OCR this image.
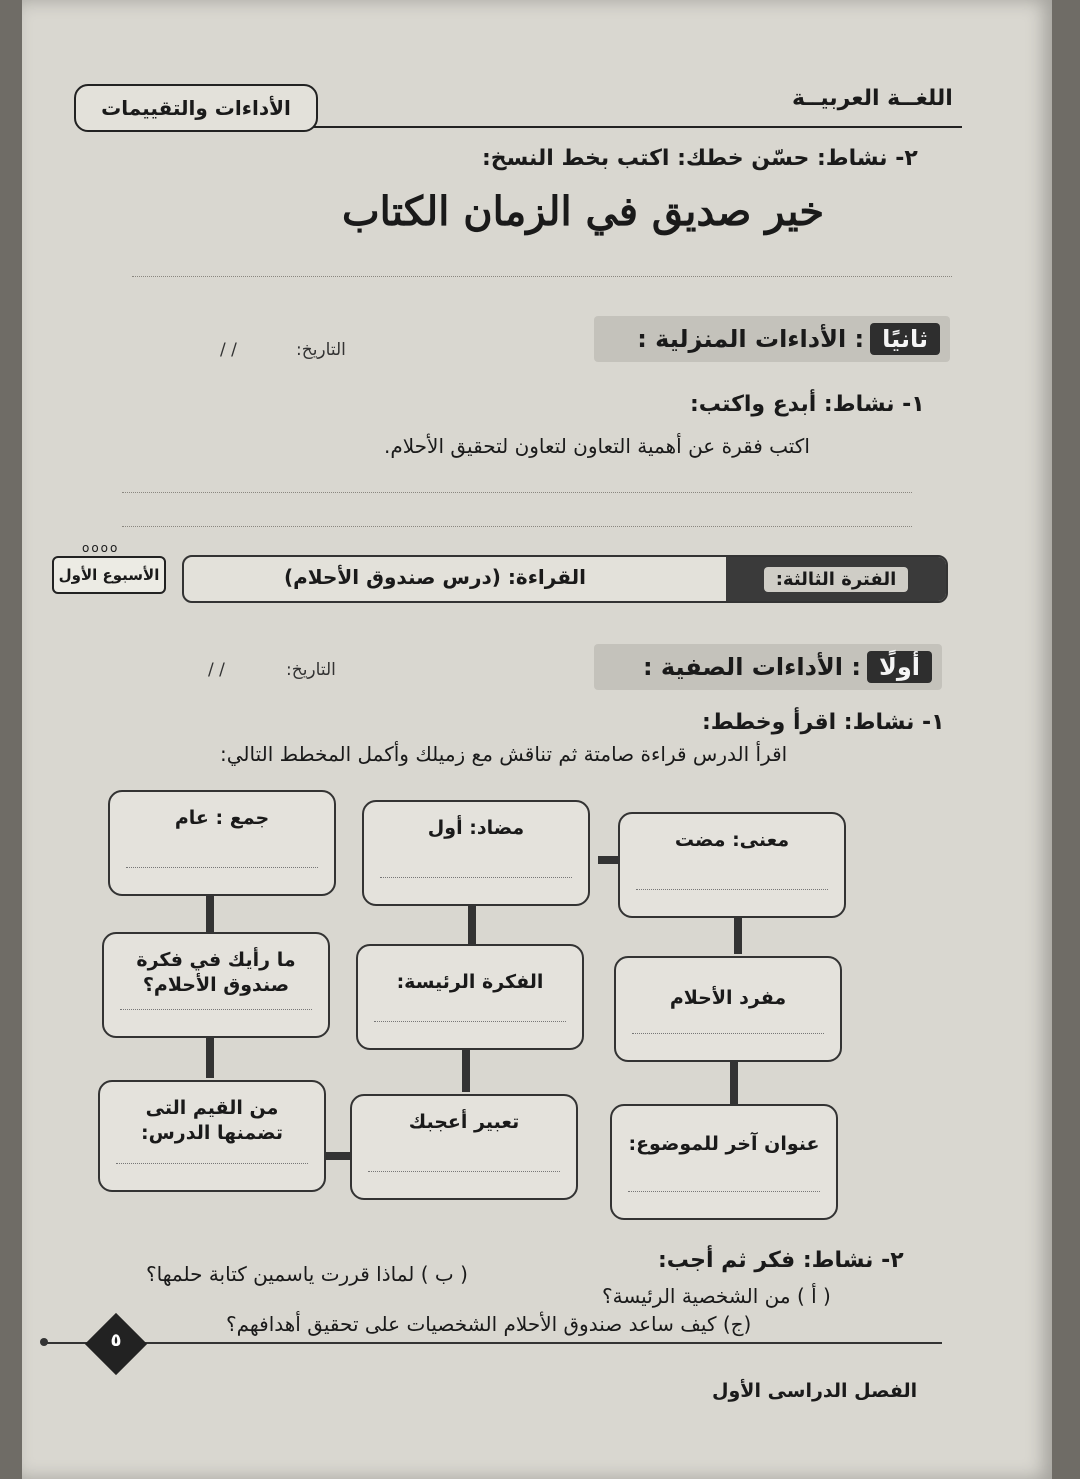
اللغــة العربيــة
الأداءات والتقييمات
٢- نشاط: حسّن خطك: اكتب بخط النسخ:
خير صديق في الزمان الكتاب
ثانيًا
: الأداءات المنزلية :
التاريخ:
/ /
١- نشاط: أبدع واكتب:
اكتب فقرة عن أهمية التعاون لتعاون لتحقيق الأحلام.
oooo
الفترة الثالثة:
القراءة: (درس صندوق الأحلام)
الأسبوع الأول
أولًا
: الأداءات الصفية :
التاريخ:
/ /
١- نشاط: اقرأ وخطط:
اقرأ الدرس قراءة صامتة ثم تناقش مع زميلك وأكمل المخطط التالي:
معنى: مضت
مضاد: أول
جمع : عام
مفرد الأحلام
الفكرة الرئيسة:
ما رأيك في فكرة صندوق الأحلام؟
عنوان آخر للموضوع:
تعبير أعجبك
من القيم التى تضمنها الدرس:
٢- نشاط: فكر ثم أجب:
( أ ) من الشخصية الرئيسة؟
( ب ) لماذا قررت ياسمين كتابة حلمها؟
(ج) كيف ساعد صندوق الأحلام الشخصيات على تحقيق أهدافهم؟
٥
الفصل الدراسى الأول
